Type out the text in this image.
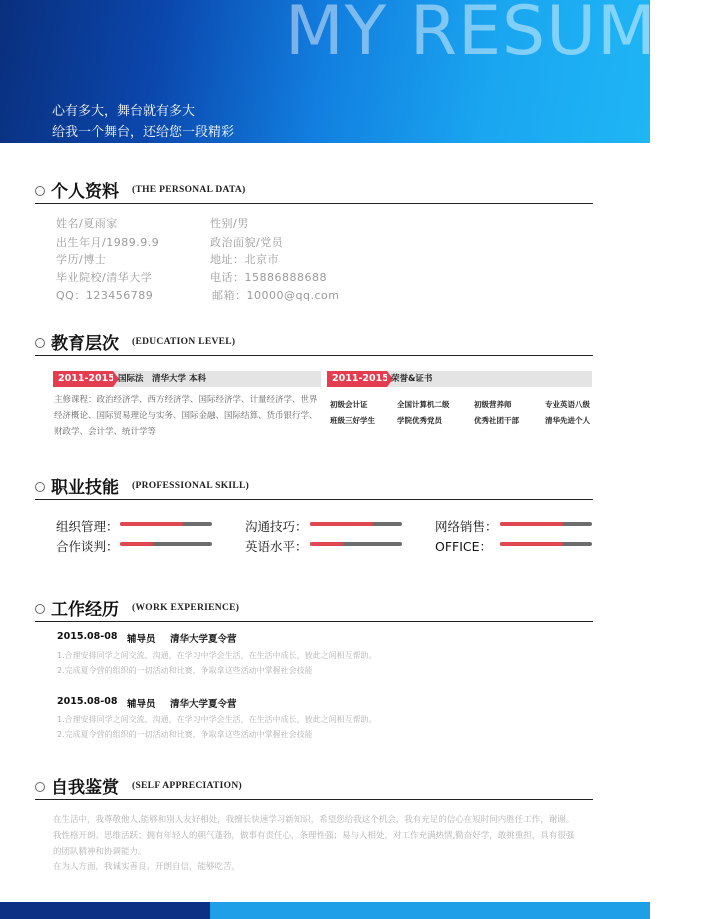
MY RESUME
心有多大，舞台就有多大
给我一个舞台，还给您一段精彩
个人资料 (THE PERSONAL DATA)
姓名/夏雨家	性别/男
出生年月/1989.9.9	政治面貌/党员
学历/博士	地址：北京市
毕业院校/清华大学	电话：15886888688
QQ：123456789	邮箱：10000@qq.com
教育层次 (EDUCATION LEVEL)
2011-2015 国际法　清华大学 本科
主修课程：政治经济学、西方经济学、国际经济学、计量经济学、世界经济概论、国际贸易理论与实务、国际金融、国际结算、货币银行学、财政学、会计学、统计学等
2011-2015 荣誉&证书
初级会计证	全国计算机二级	初级营养师	专业英语八级
班级三好学生	学院优秀党员	优秀社团干部	清华先进个人
职业技能 (PROFESSIONAL SKILL)
组织管理：	沟通技巧：	网络销售：
合作谈判：	英语水平：	OFFICE：
工作经历 (WORK EXPERIENCE)
2015.08-08 辅导员 清华大学夏令营
1.合理安排同学之间交流，沟通，在学习中学会生活，在生活中成长，彼此之间相互帮助。
2.完成夏令营的组织的一切活动和比赛，争取拿这些活动中掌握社会技能
2015.08-08 辅导员 清华大学夏令营
1.合理安排同学之间交流，沟通，在学习中学会生活，在生活中成长，彼此之间相互帮助。
2.完成夏令营的组织的一切活动和比赛，争取拿这些活动中掌握社会技能
自我鉴赏 (SELF APPRECIATION)
在生活中，我尊敬他人,能够和别人友好相处，我擅长快速学习新知识，希望您给我这个机会，我有充足的信心在短时间内胜任工作，谢谢。
我性格开朗、思维活跃；拥有年轻人的朝气蓬勃，做事有责任心，条理性强；易与人相处，对工作充满热情,勤奋好学，敢挑重担，具有很强
的团队精神和协调能力。
在为人方面，我诚实善良、开朗自信，能够吃苦。
